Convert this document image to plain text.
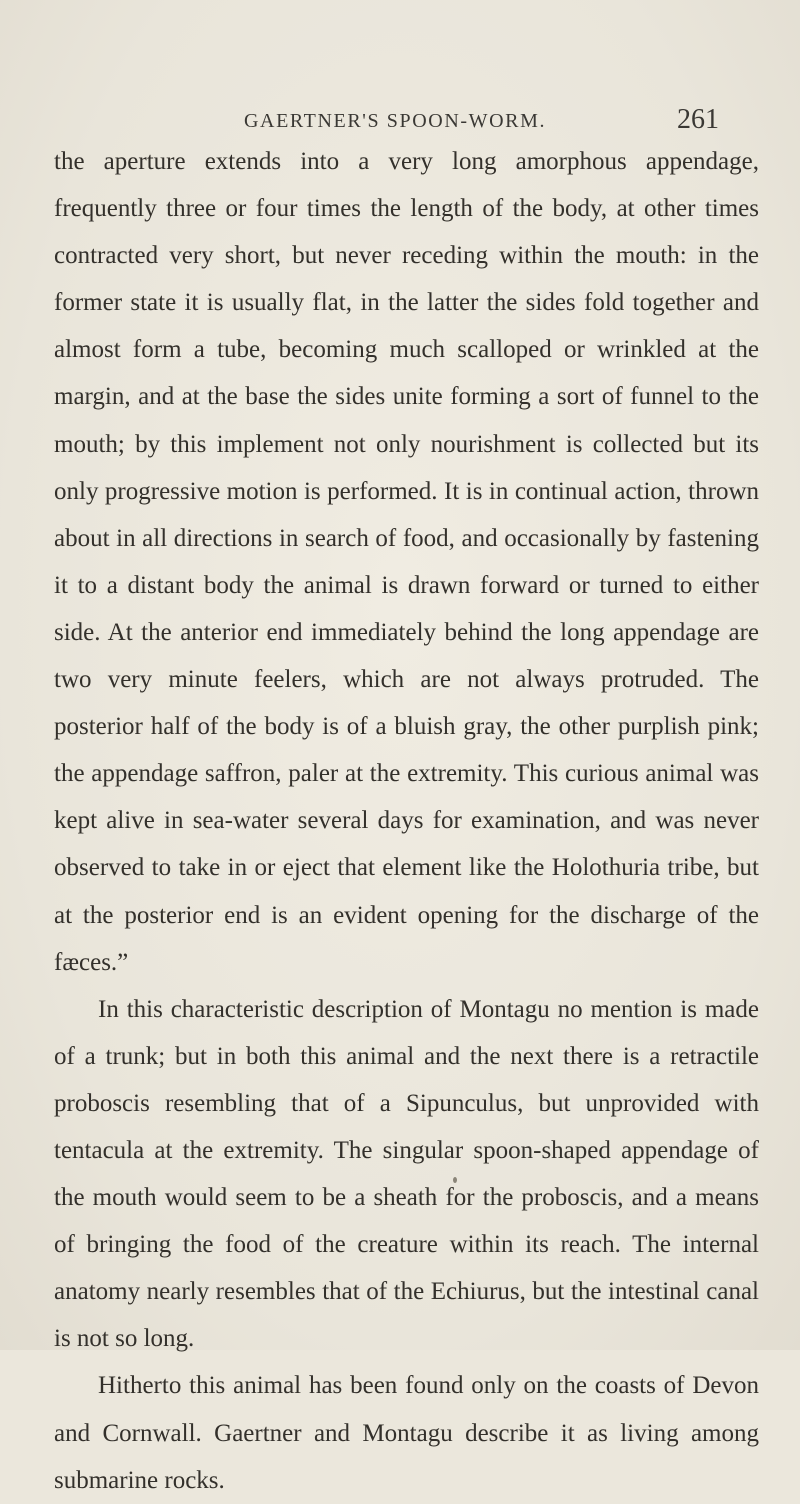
GAERTNER'S SPOON-WORM.	261

the aperture extends into a very long amorphous appendage, frequently three or four times the length of the body, at other times contracted very short, but never receding within the mouth: in the former state it is usually flat, in the latter the sides fold together and almost form a tube, becoming much scalloped or wrinkled at the margin, and at the base the sides unite forming a sort of funnel to the mouth; by this implement not only nourishment is collected but its only progressive motion is performed. It is in continual action, thrown about in all directions in search of food, and occasionally by fastening it to a distant body the animal is drawn forward or turned to either side. At the anterior end immediately behind the long appendage are two very minute feelers, which are not always protruded. The posterior half of the body is of a bluish gray, the other purplish pink; the appendage saffron, paler at the extremity. This curious animal was kept alive in sea-water several days for examination, and was never observed to take in or eject that element like the Holothuria tribe, but at the posterior end is an evident opening for the discharge of the fæces.”

In this characteristic description of Montagu no mention is made of a trunk; but in both this animal and the next there is a retractile proboscis resembling that of a Sipunculus, but unprovided with tentacula at the extremity. The singular spoon-shaped appendage of the mouth would seem to be a sheath for the proboscis, and a means of bringing the food of the creature within its reach. The internal anatomy nearly resembles that of the Echiurus, but the intestinal canal is not so long.

Hitherto this animal has been found only on the coasts of Devon and Cornwall. Gaertner and Montagu describe it as living among submarine rocks.
